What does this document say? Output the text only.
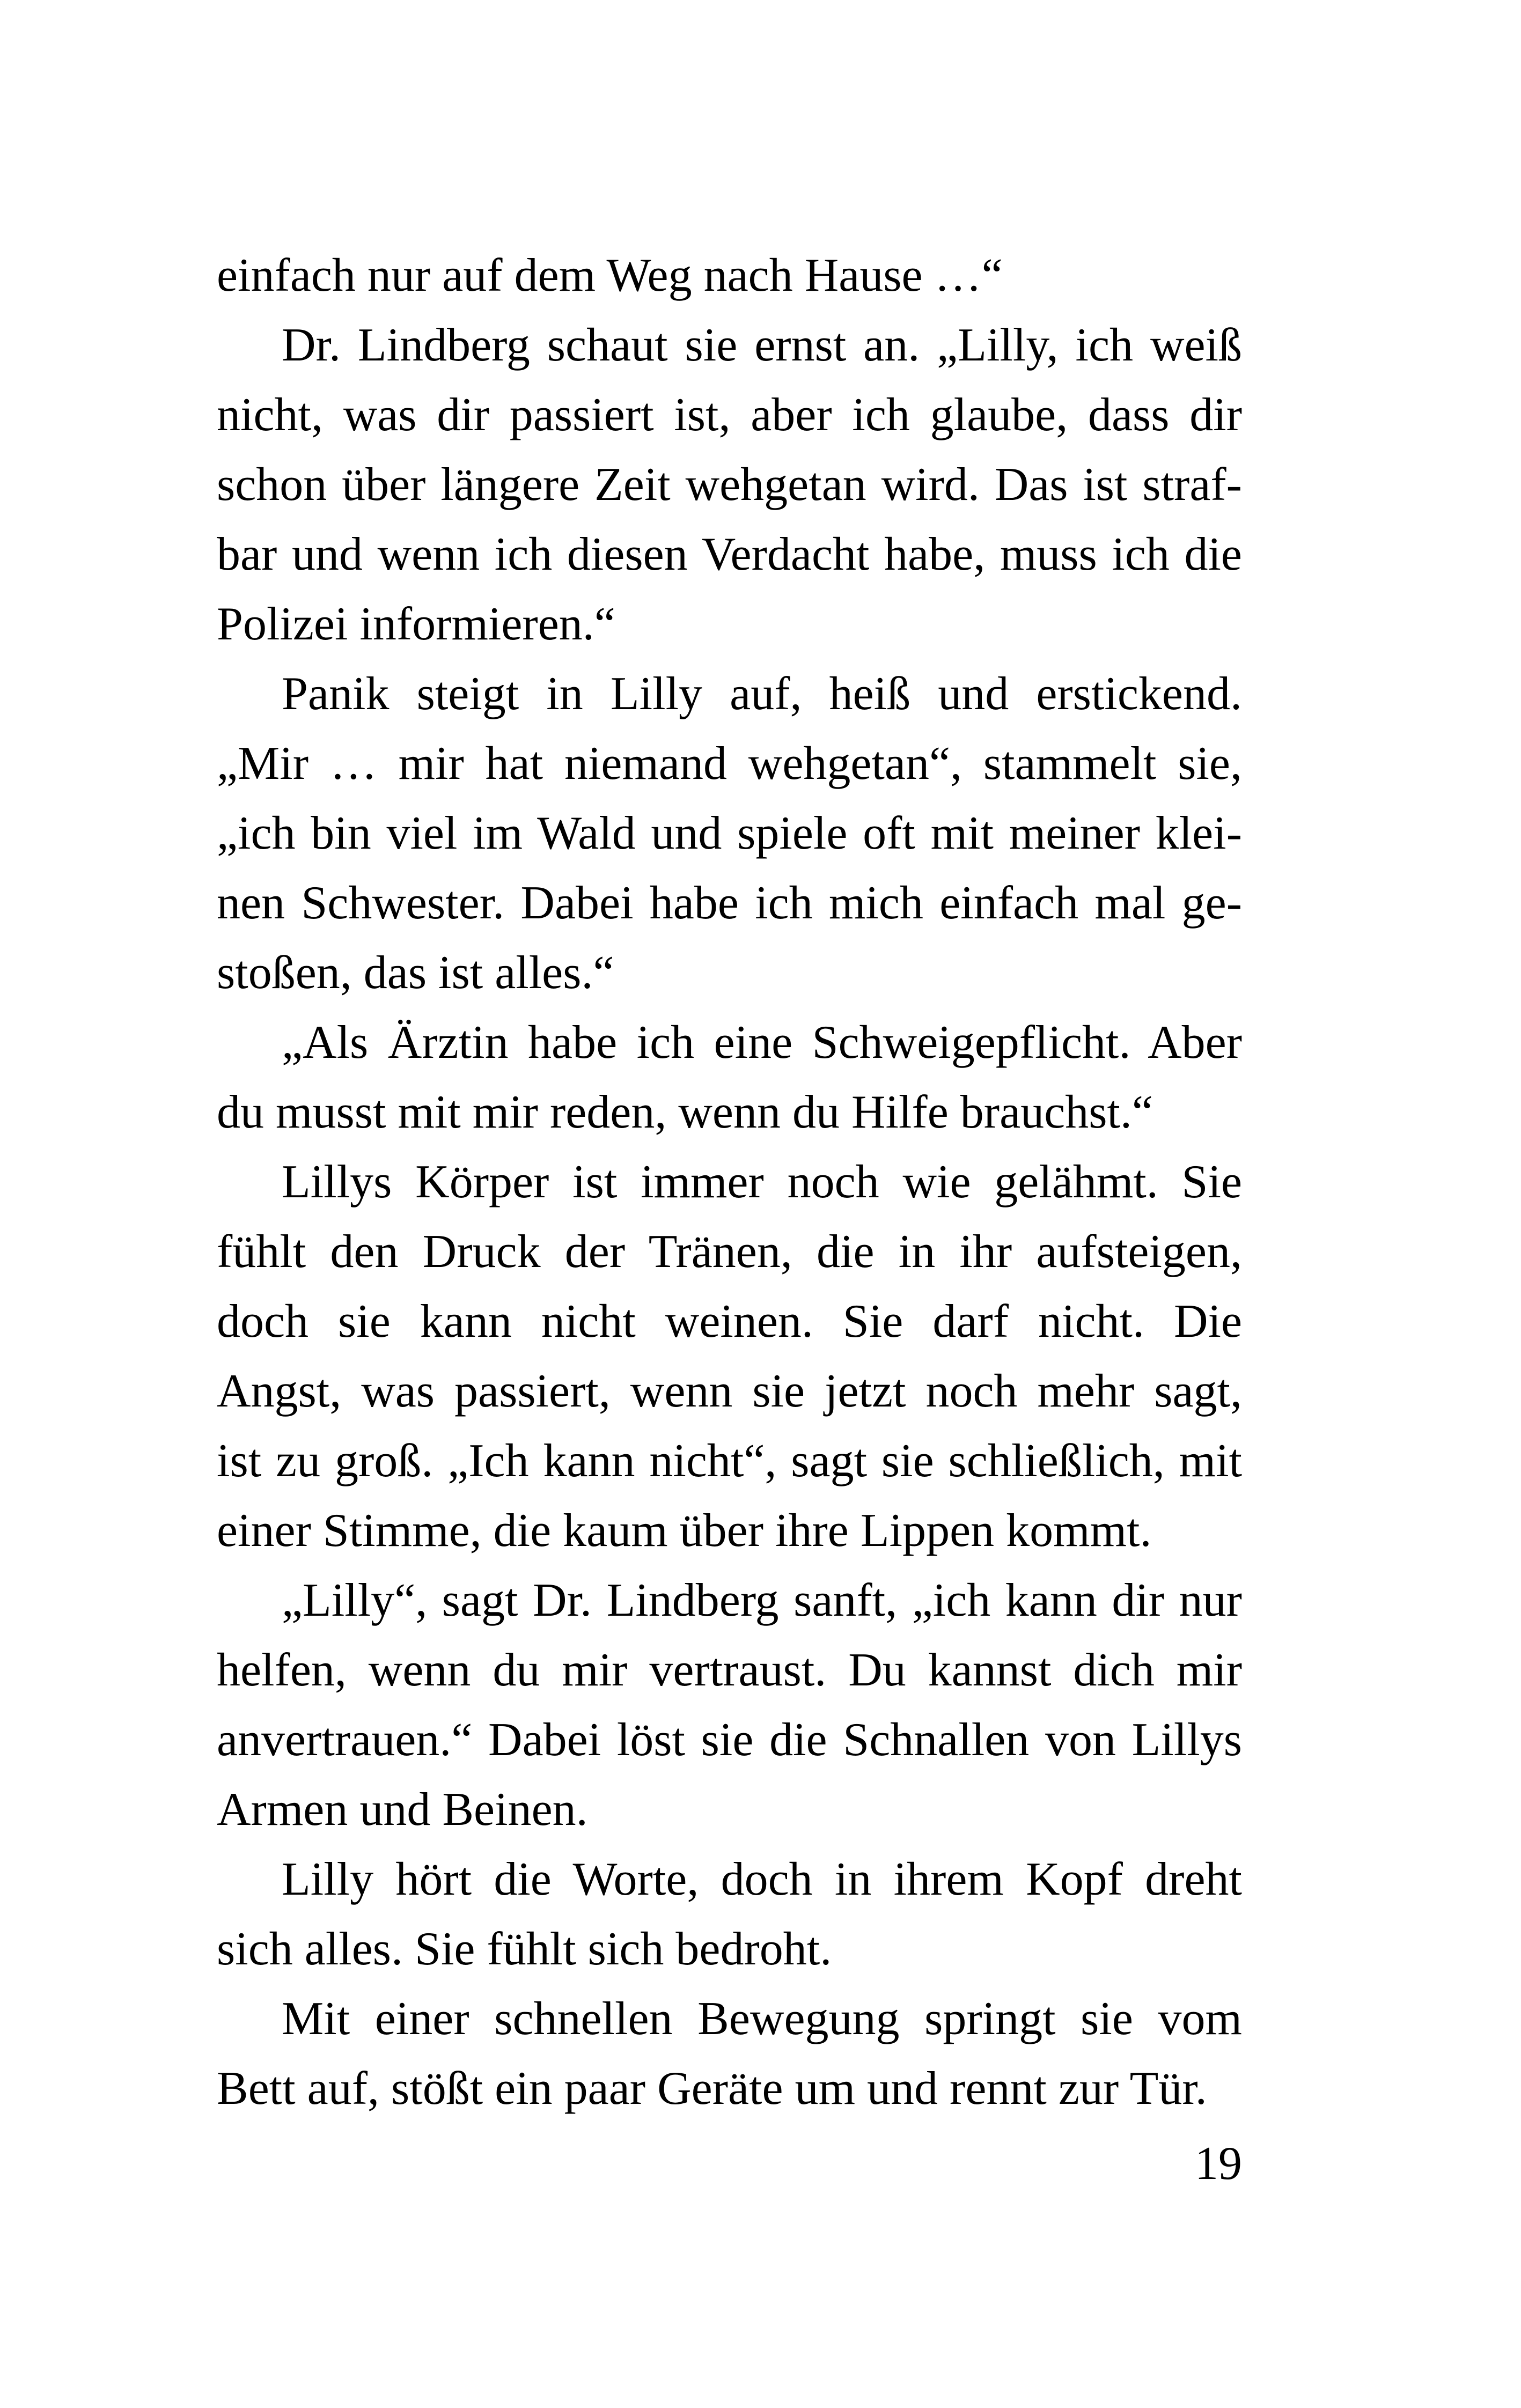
einfach nur auf dem Weg nach Hause …“
Dr. Lindberg schaut sie ernst an. „Lilly, ich weiß
nicht, was dir passiert ist, aber ich glaube, dass dir
schon über längere Zeit wehgetan wird. Das ist straf-
bar und wenn ich diesen Verdacht habe, muss ich die
Polizei informieren.“
Panik steigt in Lilly auf, heiß und erstickend.
„Mir … mir hat niemand wehgetan“, stammelt sie,
„ich bin viel im Wald und spiele oft mit meiner klei-
nen Schwester. Dabei habe ich mich einfach mal ge-
stoßen, das ist alles.“
„Als Ärztin habe ich eine Schweigepflicht. Aber
du musst mit mir reden, wenn du Hilfe brauchst.“
Lillys Körper ist immer noch wie gelähmt. Sie
fühlt den Druck der Tränen, die in ihr aufsteigen,
doch sie kann nicht weinen. Sie darf nicht. Die
Angst, was passiert, wenn sie jetzt noch mehr sagt,
ist zu groß. „Ich kann nicht“, sagt sie schließlich, mit
einer Stimme, die kaum über ihre Lippen kommt.
„Lilly“, sagt Dr. Lindberg sanft, „ich kann dir nur
helfen, wenn du mir vertraust. Du kannst dich mir
anvertrauen.“ Dabei löst sie die Schnallen von Lillys
Armen und Beinen.
Lilly hört die Worte, doch in ihrem Kopf dreht
sich alles. Sie fühlt sich bedroht.
Mit einer schnellen Bewegung springt sie vom
Bett auf, stößt ein paar Geräte um und rennt zur Tür.
19
